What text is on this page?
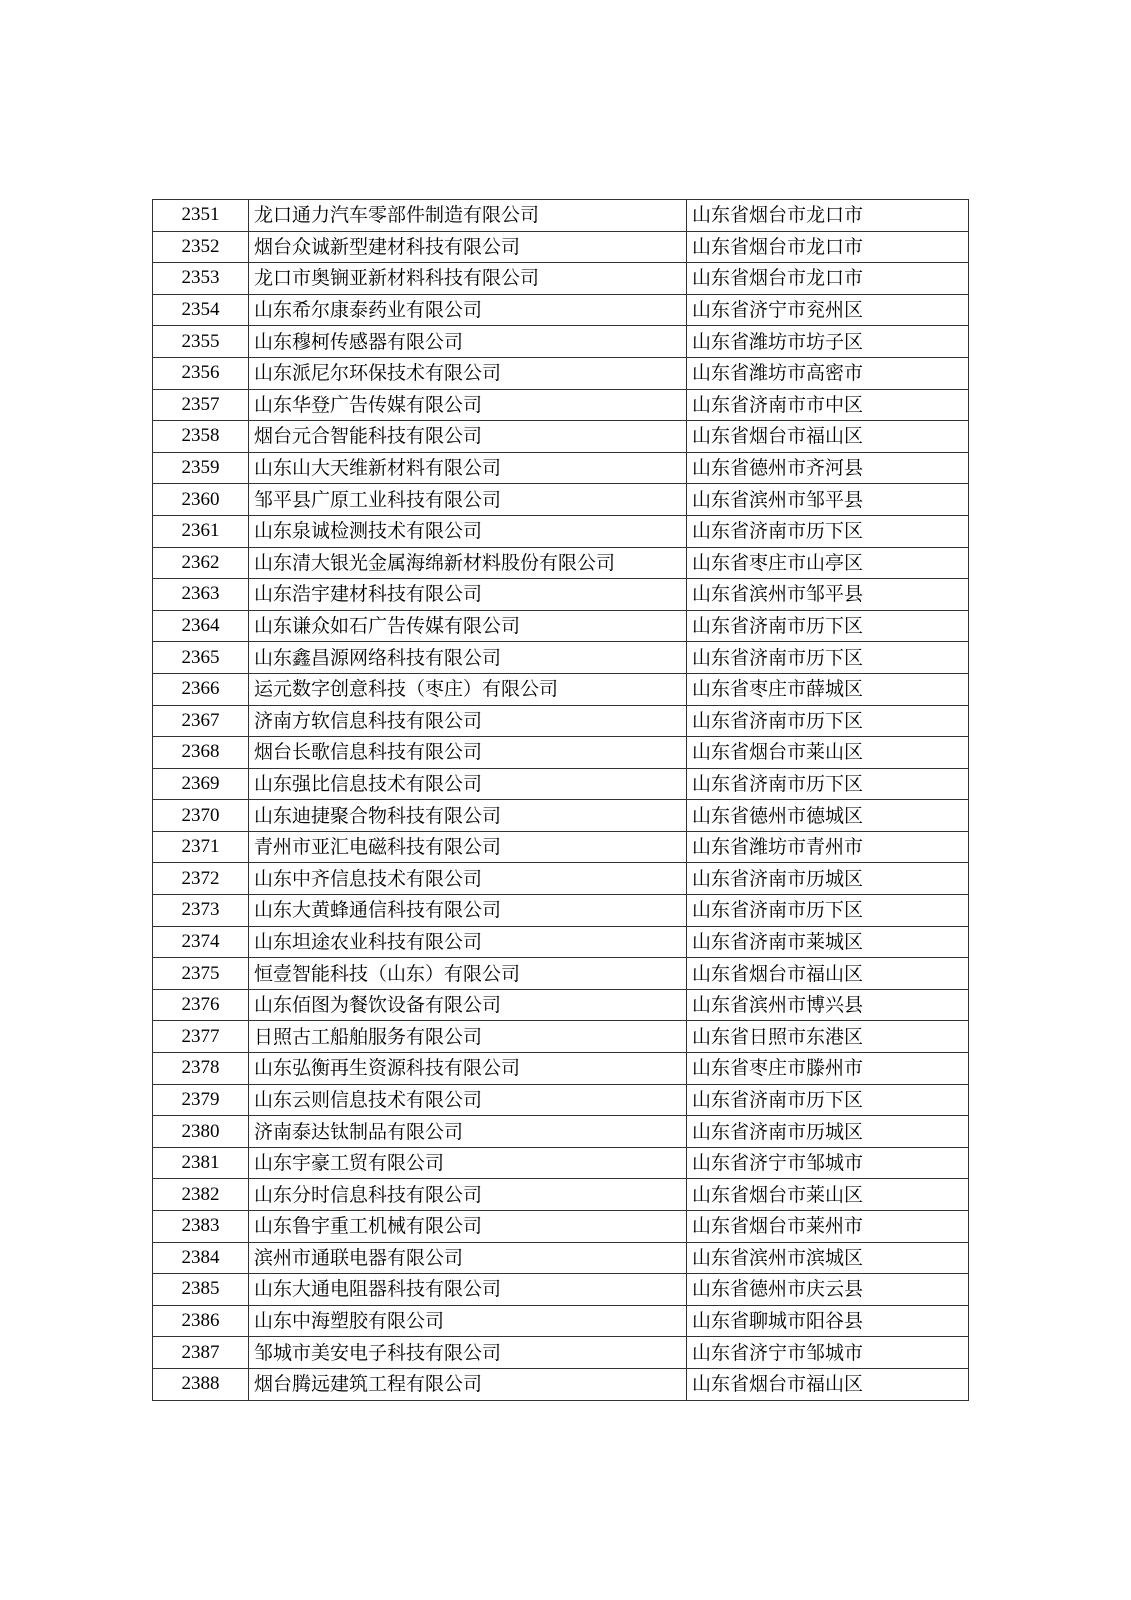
2351	龙口通力汽车零部件制造有限公司	山东省烟台市龙口市
2352	烟台众诚新型建材科技有限公司	山东省烟台市龙口市
2353	龙口市奥锎亚新材料科技有限公司	山东省烟台市龙口市
2354	山东希尔康泰药业有限公司	山东省济宁市兖州区
2355	山东穆柯传感器有限公司	山东省潍坊市坊子区
2356	山东派尼尔环保技术有限公司	山东省潍坊市高密市
2357	山东华登广告传媒有限公司	山东省济南市市中区
2358	烟台元合智能科技有限公司	山东省烟台市福山区
2359	山东山大天维新材料有限公司	山东省德州市齐河县
2360	邹平县广原工业科技有限公司	山东省滨州市邹平县
2361	山东泉诚检测技术有限公司	山东省济南市历下区
2362	山东清大银光金属海绵新材料股份有限公司	山东省枣庄市山亭区
2363	山东浩宇建材科技有限公司	山东省滨州市邹平县
2364	山东谦众如石广告传媒有限公司	山东省济南市历下区
2365	山东鑫昌源网络科技有限公司	山东省济南市历下区
2366	运元数字创意科技（枣庄）有限公司	山东省枣庄市薛城区
2367	济南方软信息科技有限公司	山东省济南市历下区
2368	烟台长歌信息科技有限公司	山东省烟台市莱山区
2369	山东强比信息技术有限公司	山东省济南市历下区
2370	山东迪捷聚合物科技有限公司	山东省德州市德城区
2371	青州市亚汇电磁科技有限公司	山东省潍坊市青州市
2372	山东中齐信息技术有限公司	山东省济南市历城区
2373	山东大黄蜂通信科技有限公司	山东省济南市历下区
2374	山东坦途农业科技有限公司	山东省济南市莱城区
2375	恒壹智能科技（山东）有限公司	山东省烟台市福山区
2376	山东佰图为餐饮设备有限公司	山东省滨州市博兴县
2377	日照古工船舶服务有限公司	山东省日照市东港区
2378	山东弘衡再生资源科技有限公司	山东省枣庄市滕州市
2379	山东云则信息技术有限公司	山东省济南市历下区
2380	济南泰达钛制品有限公司	山东省济南市历城区
2381	山东宇豪工贸有限公司	山东省济宁市邹城市
2382	山东分时信息科技有限公司	山东省烟台市莱山区
2383	山东鲁宇重工机械有限公司	山东省烟台市莱州市
2384	滨州市通联电器有限公司	山东省滨州市滨城区
2385	山东大通电阻器科技有限公司	山东省德州市庆云县
2386	山东中海塑胶有限公司	山东省聊城市阳谷县
2387	邹城市美安电子科技有限公司	山东省济宁市邹城市
2388	烟台腾远建筑工程有限公司	山东省烟台市福山区
